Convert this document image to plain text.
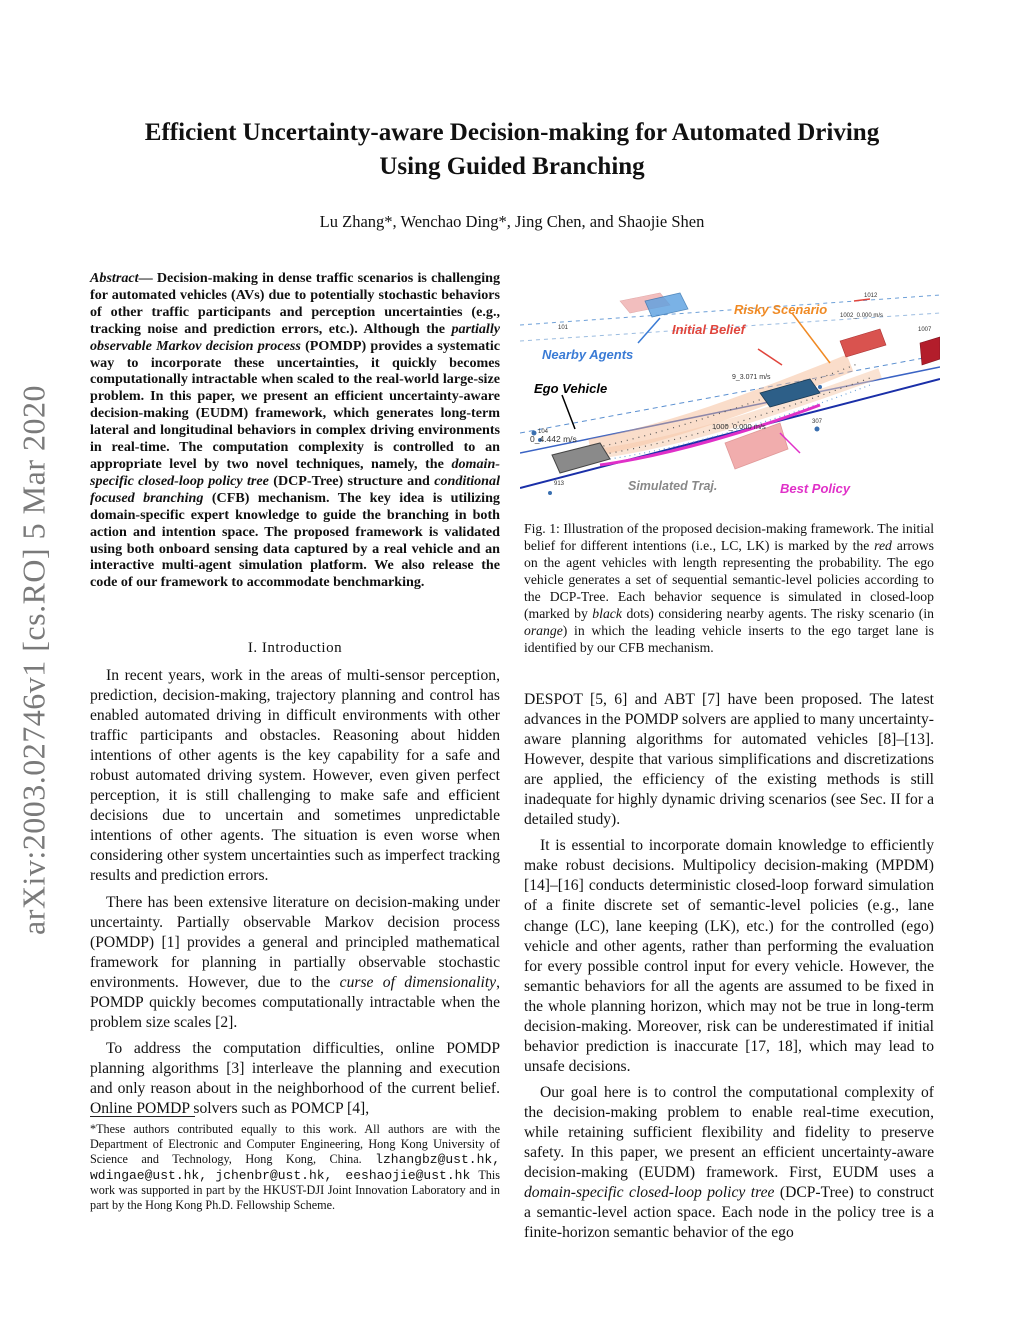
Efficient Uncertainty-aware Decision-making for Automated Driving
Using Guided Branching
Lu Zhang*, Wenchao Ding*, Jing Chen, and Shaojie Shen
arXiv:2003.02746v1 [cs.RO] 5 Mar 2020
Abstract— Decision-making in dense traffic scenarios is challenging for automated vehicles (AVs) due to potentially stochastic behaviors of other traffic participants and perception uncertainties (e.g., tracking noise and prediction errors, etc.). Although the partially observable Markov decision process (POMDP) provides a systematic way to incorporate these uncertainties, it quickly becomes computationally intractable when scaled to the real-world large-size problem. In this paper, we present an efficient uncertainty-aware decision-making (EUDM) framework, which generates long-term lateral and longitudinal behaviors in complex driving environments in real-time. The computation complexity is controlled to an appropriate level by two novel techniques, namely, the domain-specific closed-loop policy tree (DCP-Tree) structure and conditional focused branching (CFB) mechanism. The key idea is utilizing domain-specific expert knowledge to guide the branching in both action and intention space. The proposed framework is validated using both onboard sensing data captured by a real vehicle and an interactive multi-agent simulation platform. We also release the code of our framework to accommodate benchmarking.
I. Introduction

In recent years, work in the areas of multi-sensor perception, prediction, decision-making, trajectory planning and control has enabled automated driving in difficult environments with other traffic participants and obstacles. Reasoning about hidden intentions of other agents is the key capability for a safe and robust automated driving system. However, even given perfect perception, it is still challenging to make safe and efficient decisions due to uncertain and sometimes unpredictable intentions of other agents. The situation is even worse when considering other system uncertainties such as imperfect tracking results and prediction errors.

There has been extensive literature on decision-making under uncertainty. Partially observable Markov decision process (POMDP) [1] provides a general and principled mathematical framework for planning in partially observable stochastic environments. However, due to the curse of dimensionality, POMDP quickly becomes computationally intractable when the problem size scales [2].

To address the computation difficulties, online POMDP planning algorithms [3] interleave the planning and execution and only reason about in the neighborhood of the current belief. Online POMDP solvers such as POMCP [4],

*These authors contributed equally to this work. All authors are with the Department of Electronic and Computer Engineering, Hong Kong University of Science and Technology, Hong Kong, China. lzhangbz@ust.hk, wdingae@ust.hk, jchenbr@ust.hk, eeshaojie@ust.hk This work was supported in part by the HKUST-DJI Joint Innovation Laboratory and in part by the Hong Kong Ph.D. Fellowship Scheme.
Risky Scenario
Initial Belief
Nearby Agents
Ego Vehicle
Simulated Traj.	Best Policy
0_4.442 m/s
9_3.071 m/s
1000_0.000 m/s
1002_0.000 m/s
1007
1012
104
101
913
307
Fig. 1: Illustration of the proposed decision-making framework. The initial belief for different intentions (i.e., LC, LK) is marked by the red arrows on the agent vehicles with length representing the probability. The ego vehicle generates a set of sequential semantic-level policies according to the DCP-Tree. Each behavior sequence is simulated in closed-loop (marked by black dots) considering nearby agents. The risky scenario (in orange) in which the leading vehicle inserts to the ego target lane is identified by our CFB mechanism.

DESPOT [5, 6] and ABT [7] have been proposed. The latest advances in the POMDP solvers are applied to many uncertainty-aware planning algorithms for automated vehicles [8]–[13]. However, despite that various simplifications and discretizations are applied, the efficiency of the existing methods is still inadequate for highly dynamic driving scenarios (see Sec. II for a detailed study).

It is essential to incorporate domain knowledge to efficiently make robust decisions. Multipolicy decision-making (MPDM) [14]–[16] conducts deterministic closed-loop forward simulation of a finite discrete set of semantic-level policies (e.g., lane change (LC), lane keeping (LK), etc.) for the controlled (ego) vehicle and other agents, rather than performing the evaluation for every possible control input for every vehicle. However, the semantic behaviors for all the agents are assumed to be fixed in the whole planning horizon, which may not be true in long-term decision-making. Moreover, risk can be underestimated if initial behavior prediction is inaccurate [17, 18], which may lead to unsafe decisions.

Our goal here is to control the computational complexity of the decision-making problem to enable real-time execution, while retaining sufficient flexibility and fidelity to preserve safety. In this paper, we present an efficient uncertainty-aware decision-making (EUDM) framework. First, EUDM uses a domain-specific closed-loop policy tree (DCP-Tree) to construct a semantic-level action space. Each node in the policy tree is a finite-horizon semantic behavior of the ego
